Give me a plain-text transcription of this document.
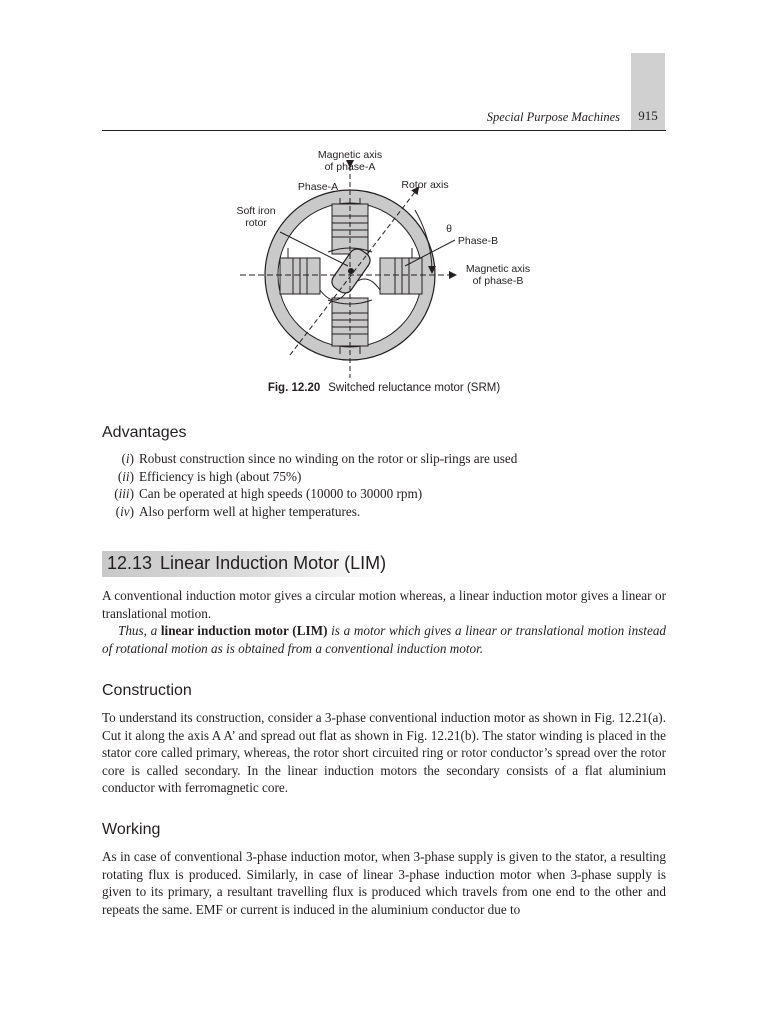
915
Special Purpose Machines
Magnetic axis
of phase-A
Phase-A	Rotor axis
Soft iron
rotor	θ
Phase-B
Magnetic axis
of phase-B
Fig. 12.20 Switched reluctance motor (SRM)
Advantages
(i) Robust construction since no winding on the rotor or slip-rings are used
(ii) Efficiency is high (about 75%)
(iii) Can be operated at high speeds (10000 to 30000 rpm)
(iv) Also perform well at higher temperatures.
12.13 Linear Induction Motor (LIM)

A conventional induction motor gives a circular motion whereas, a linear induction motor gives a linear or translational motion.

Thus, a linear induction motor (LIM) is a motor which gives a linear or translational motion instead of rotational motion as is obtained from a conventional induction motor.

Construction

To understand its construction, consider a 3-phase conventional induction motor as shown in Fig. 12.21(a). Cut it along the axis A A’ and spread out flat as shown in Fig. 12.21(b). The stator winding is placed in the stator core called primary, whereas, the rotor short circuited ring or rotor conductor’s spread over the rotor core is called secondary. In the linear induction motors the secondary consists of a flat aluminium conductor with ferromagnetic core.

Working

As in case of conventional 3-phase induction motor, when 3-phase supply is given to the stator, a resulting rotating flux is produced. Similarly, in case of linear 3-phase induction motor when 3-phase supply is given to its primary, a resultant travelling flux is produced which travels from one end to the other and repeats the same. EMF or current is induced in the aluminium conductor due to
